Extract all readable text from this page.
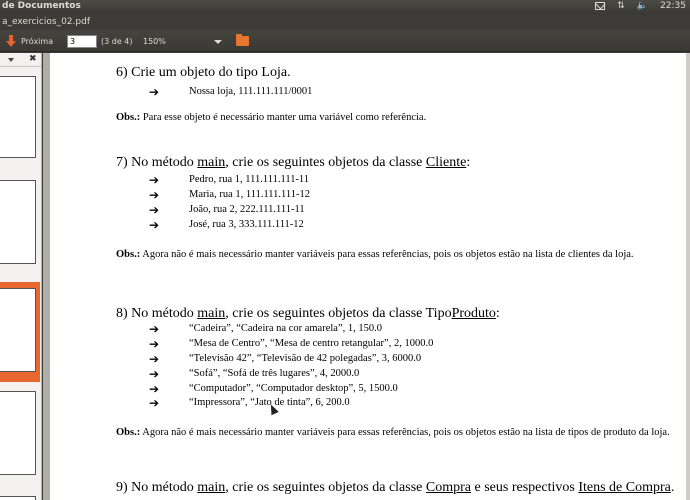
de Documentos	⇅ 🔈 22:35
a_exercicios_02.pdf
Próxima
3	(3 de 4) 150%
✖
6) Crie um objeto do tipo Loja.
➔	Nossa loja, 111.111.111/0001
Obs.: Para esse objeto é necessário manter uma variável como referência.
7) No método main, crie os seguintes objetos da classe Cliente:
➔	Pedro, rua 1, 111.111.111-11
➔	Maria, rua 1, 111.111.111-12
➔	João, rua 2, 222.111.111-11
➔	José, rua 3, 333.111.111-12
Obs.: Agora não é mais necessário manter variáveis para essas referências, pois os objetos estão na lista de clientes da loja.
8) No método main, crie os seguintes objetos da classe TipoProduto:
➔	“Cadeira”, “Cadeira na cor amarela”, 1, 150.0
➔	“Mesa de Centro”, “Mesa de centro retangular”, 2, 1000.0
➔	“Televisão 42”, “Televisão de 42 polegadas”, 3, 6000.0
➔	“Sofá”, “Sofá de três lugares”, 4, 2000.0
➔	“Computador”, “Computador desktop”, 5, 1500.0
➔	“Impressora”, “Jato de tinta”, 6, 200.0
Obs.: Agora não é mais necessário manter variáveis para essas referências, pois os objetos estão na lista de tipos de produto da loja.
9) No método main, crie os seguintes objetos da classe Compra e seus respectivos Itens de Compra.
